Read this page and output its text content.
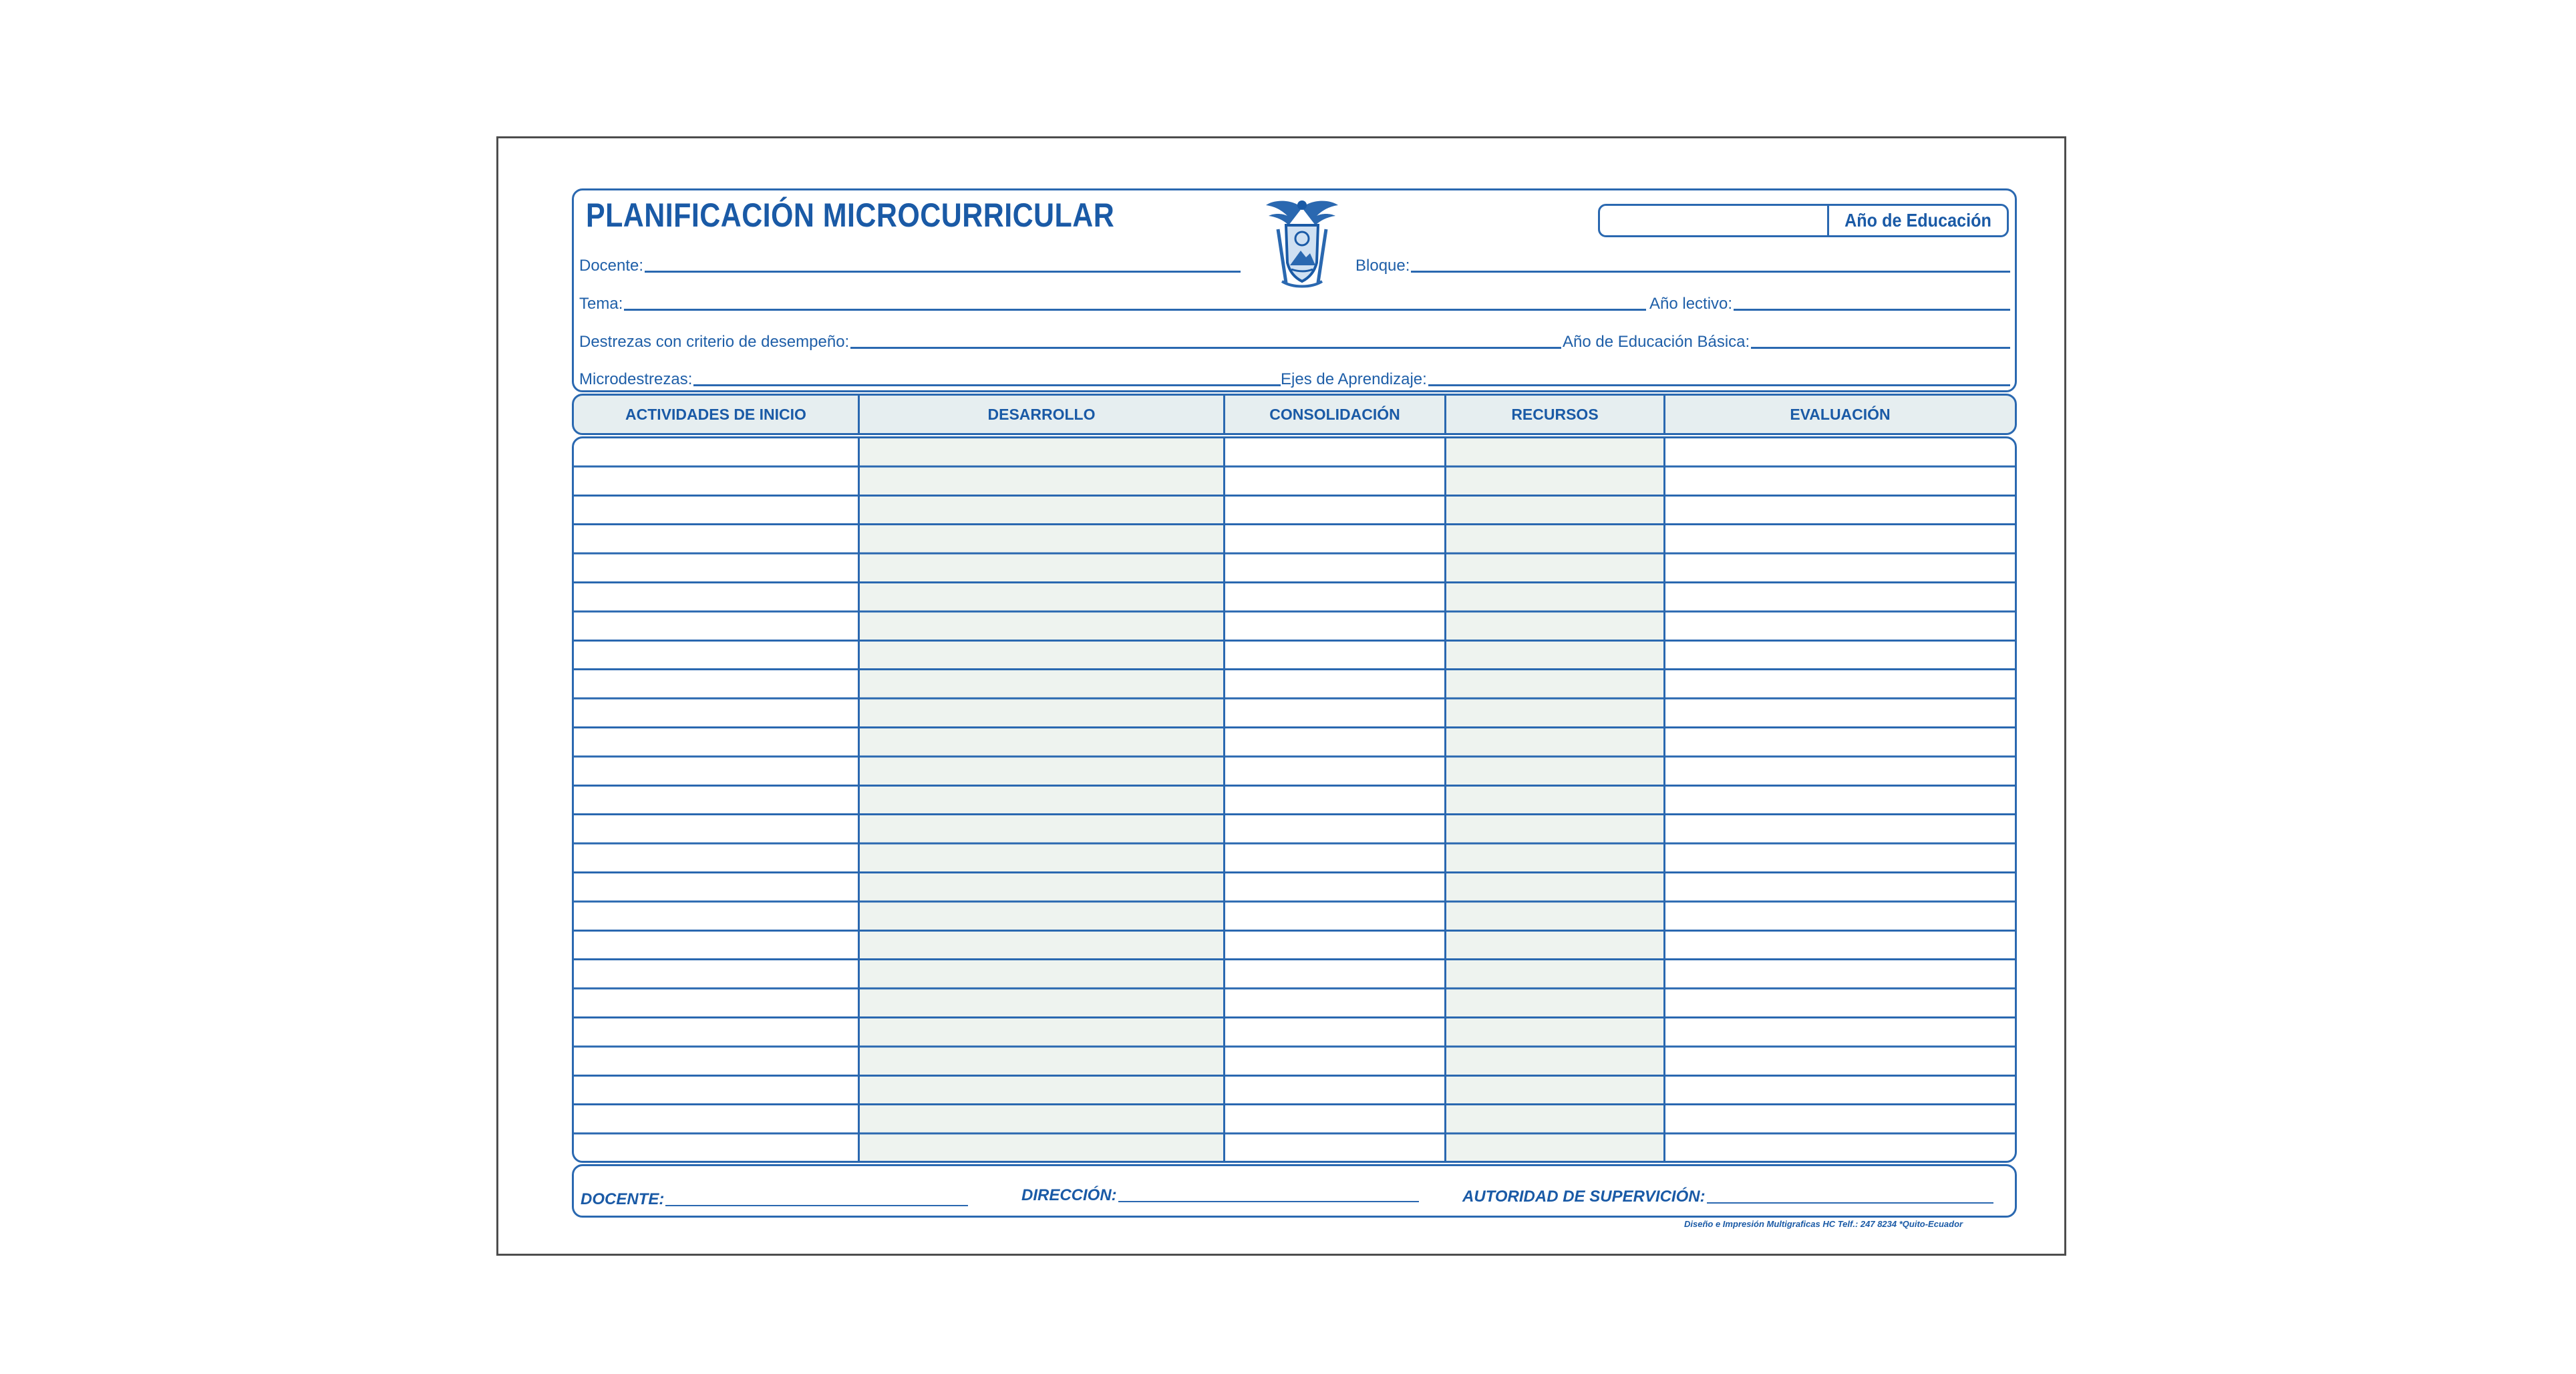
PLANIFICACIÓN MICROCURRICULAR	Año de Educación
Docente:	Bloque:
Tema:	Año lectivo:
Destrezas con criterio de desempeño:	Año de Educación Básica:
Microdestrezas:	Ejes de Aprendizaje:
ACTIVIDADES DE INICIO	DESARROLLO	CONSOLIDACIÓN	RECURSOS	EVALUACIÓN
DOCENTE:	DIRECCIÓN:	AUTORIDAD DE SUPERVICIÓN:
Diseño e Impresión Multigraficas HC Telf.: 247 8234 *Quito-Ecuador
